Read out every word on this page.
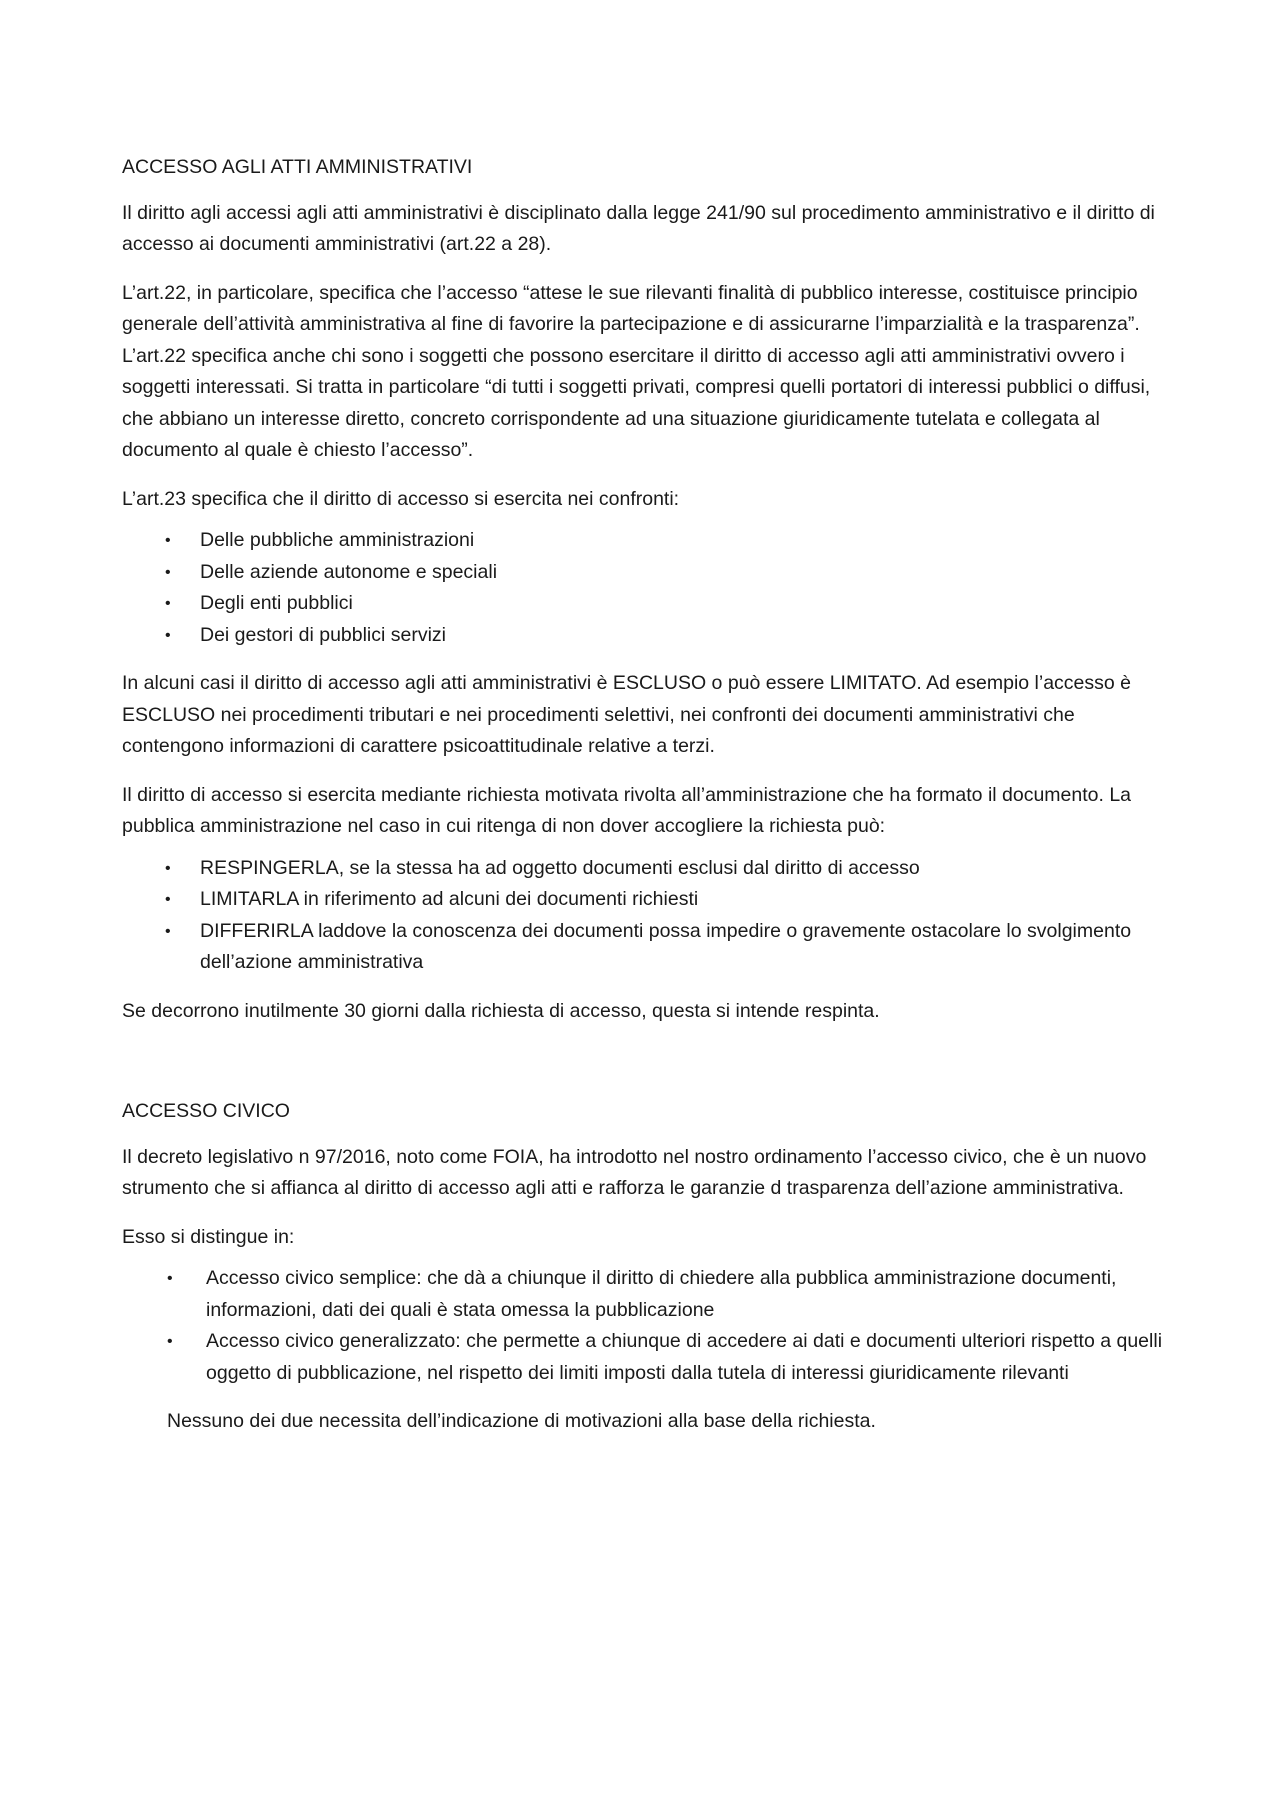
ACCESSO AGLI ATTI AMMINISTRATIVI

Il diritto agli accessi agli atti amministrativi è disciplinato dalla legge 241/90 sul procedimento amministrativo e il diritto di accesso ai documenti amministrativi (art.22 a 28).

L’art.22, in particolare, specifica che l’accesso “attese le sue rilevanti finalità di pubblico interesse, costituisce principio generale dell’attività amministrativa al fine di favorire la partecipazione e di assicurarne l’imparzialità e la trasparenza”. L’art.22 specifica anche chi sono i soggetti che possono esercitare il diritto di accesso agli atti amministrativi ovvero i soggetti interessati. Si tratta in particolare “di tutti i soggetti privati, compresi quelli portatori di interessi pubblici o diffusi, che abbiano un interesse diretto, concreto corrispondente ad una situazione giuridicamente tutelata e collegata al documento al quale è chiesto l’accesso”.

L’art.23 specifica che il diritto di accesso si esercita nei confronti:

• Delle pubbliche amministrazioni
• Delle aziende autonome e speciali
• Degli enti pubblici
• Dei gestori di pubblici servizi

In alcuni casi il diritto di accesso agli atti amministrativi è ESCLUSO o può essere LIMITATO. Ad esempio l’accesso è ESCLUSO nei procedimenti tributari e nei procedimenti selettivi, nei confronti dei documenti amministrativi che contengono informazioni di carattere psicoattitudinale relative a terzi.

Il diritto di accesso si esercita mediante richiesta motivata rivolta all’amministrazione che ha formato il documento. La pubblica amministrazione nel caso in cui ritenga di non dover accogliere la richiesta può:

• RESPINGERLA, se la stessa ha ad oggetto documenti esclusi dal diritto di accesso
• LIMITARLA in riferimento ad alcuni dei documenti richiesti
• DIFFERIRLA laddove la conoscenza dei documenti possa impedire o gravemente ostacolare lo svolgimento dell’azione amministrativa

Se decorrono inutilmente 30 giorni dalla richiesta di accesso, questa si intende respinta.

ACCESSO CIVICO

Il decreto legislativo n 97/2016, noto come FOIA, ha introdotto nel nostro ordinamento l’accesso civico, che è un nuovo strumento che si affianca al diritto di accesso agli atti e rafforza le garanzie d trasparenza dell’azione amministrativa.

Esso si distingue in:

• Accesso civico semplice: che dà a chiunque il diritto di chiedere alla pubblica amministrazione documenti, informazioni, dati dei quali è stata omessa la pubblicazione
• Accesso civico generalizzato: che permette a chiunque di accedere ai dati e documenti ulteriori rispetto a quelli oggetto di pubblicazione, nel rispetto dei limiti imposti dalla tutela di interessi giuridicamente rilevanti

Nessuno dei due necessita dell’indicazione di motivazioni alla base della richiesta.
